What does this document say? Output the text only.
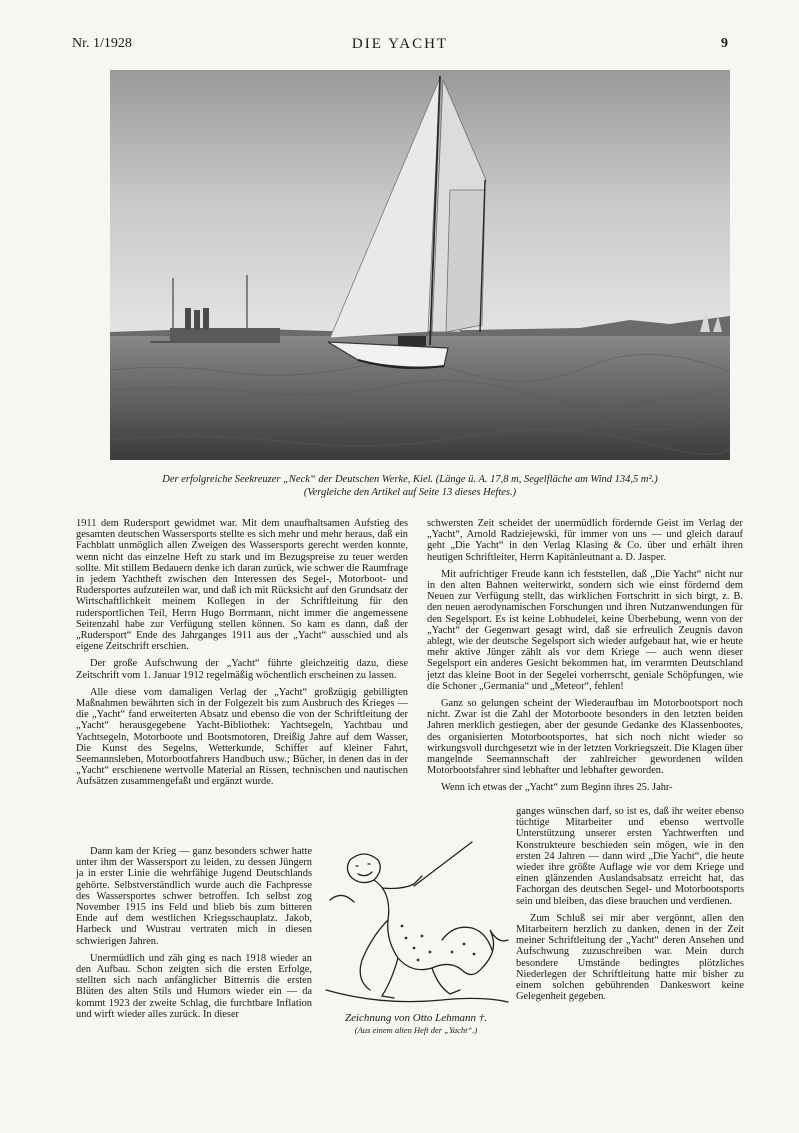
Nr. 1/1928	DIE YACHT	9
Der erfolgreiche Seekreuzer „Neck“ der Deutschen Werke, Kiel. (Länge ü. A. 17,8 m, Segelfläche am Wind 134,5 m².)
(Vergleiche den Artikel auf Seite 13 dieses Heftes.)

1911 dem Rudersport gewidmet war. Mit dem unaufhaltsamen Aufstieg des gesamten deutschen Wassersports stellte es sich mehr und mehr heraus, daß ein Fachblatt unmöglich allen Zweigen des Wassersports gerecht werden konnte, wenn nicht das einzelne Heft zu stark und im Bezugspreise zu teuer werden sollte. Mit stillem Bedauern denke ich daran zurück, wie schwer die Raumfrage in jedem Yachtheft zwischen den Interessen des Segel-, Motorboot- und Rudersportes aufzuteilen war, und daß ich mit Rücksicht auf den Grundsatz der Wirtschaftlichkeit meinem Kollegen in der Schriftleitung für den rudersportlichen Teil, Herrn Hugo Borrmann, nicht immer die angemessene Seitenzahl habe zur Verfügung stellen können. So kam es dann, daß der „Rudersport“ Ende des Jahrganges 1911 aus der „Yacht“ ausschied und als eigene Zeitschrift erschien.

Der große Aufschwung der „Yacht“ führte gleichzeitig dazu, diese Zeitschrift vom 1. Januar 1912 regelmäßig wöchentlich erscheinen zu lassen.

Alle diese vom damaligen Verlag der „Yacht“ großzügig gebilligten Maßnahmen bewährten sich in der Folgezeit bis zum Ausbruch des Krieges — die „Yacht“ fand erweiterten Absatz und ebenso die von der Schriftleitung der „Yacht“ herausgegebene Yacht-Bibliothek: Yachtsegeln, Yachtbau und Yachtsegeln, Motorboote und Bootsmotoren, Dreißig Jahre auf dem Wasser, Die Kunst des Segelns, Wetterkunde, Schiffer auf kleiner Fahrt, Seemannsleben, Motorbootfahrers Handbuch usw.; Bücher, in denen das in der „Yacht“ erschienene wertvolle Material an Rissen, technischen und nautischen Aufsätzen zusammengefaßt und ergänzt wurde.

Dann kam der Krieg — ganz besonders schwer hatte unter ihm der Wassersport zu leiden, zu dessen Jüngern ja in erster Linie die wehrfähige Jugend Deutschlands gehörte. Selbstverständlich wurde auch die Fachpresse des Wassersportes schwer betroffen. Ich selbst zog November 1915 ins Feld und blieb bis zum bitteren Ende auf dem westlichen Kriegsschauplatz. Jakob, Harbeck und Wustrau vertraten mich in diesen schwierigen Jahren.

Unermüdlich und zäh ging es nach 1918 wieder an den Aufbau. Schon zeigten sich die ersten Erfolge, stellten sich nach anfänglicher Bitternis die ersten Blüten des alten Stils und Humors wieder ein — da kommt 1923 der zweite Schlag, die furchtbare Inflation und wirft wieder alles zurück. In dieser

schwersten Zeit scheidet der unermüdlich fördernde Geist im Verlag der „Yacht“, Arnold Radziejewski, für immer von uns — und gleich darauf geht „Die Yacht“ in den Verlag Klasing & Co. über und erhält ihren heutigen Schriftleiter, Herrn Kapitänleutnant a. D. Jasper.

Mit aufrichtiger Freude kann ich feststellen, daß „Die Yacht“ nicht nur in den alten Bahnen weiterwirkt, sondern sich wie einst fördernd dem Neuen zur Verfügung stellt, das wirklichen Fortschritt in sich birgt, z. B. den neuen aerodynamischen Forschungen und ihren Nutzanwendungen für den Segelsport. Es ist keine Lobhudelei, keine Überhebung, wenn von der „Yacht“ der Gegenwart gesagt wird, daß sie erfreulich Zeugnis davon ablegt, wie der deutsche Segelsport sich wieder aufgebaut hat, wie er heute mehr aktive Jünger zählt als vor dem Kriege — auch wenn dieser Segelsport ein anderes Gesicht bekommen hat, im verarmten Deutschland jetzt das kleine Boot in der Segelei vorherrscht, geniale Schöpfungen, wie die Schoner „Germania“ und „Meteor“, fehlen!

Ganz so gelungen scheint der Wiederaufbau im Motorbootsport noch nicht. Zwar ist die Zahl der Motorboote besonders in den letzten beiden Jahren merklich gestiegen, aber der gesunde Gedanke des Klassenbootes, des organisierten Motorbootsportes, hat sich noch nicht wieder so wirkungsvoll durchgesetzt wie in der letzten Vorkriegszeit. Die Klagen über mangelnde Seemannschaft der zahlreicher gewordenen wilden Motorbootsfahrer sind lebhafter und lebhafter geworden.

Wenn ich etwas der „Yacht“ zum Beginn ihres 25. Jahr-

ganges wünschen darf, so ist es, daß ihr weiter ebenso tüchtige Mitarbeiter und ebenso wertvolle Unterstützung unserer ersten Yachtwerften und Konstrukteure beschieden sein mögen, wie in den ersten 24 Jahren — dann wird „Die Yacht“, die heute wieder ihre größte Auflage wie vor dem Kriege und einen glänzenden Auslandsabsatz erreicht hat, das Fachorgan des deutschen Segel- und Motorbootsports sein und bleiben, das diese brauchen und verdienen.

Zum Schluß sei mir aber vergönnt, allen den Mitarbeitern herzlich zu danken, denen in der Zeit meiner Schriftleitung der „Yacht“ deren Ansehen und Aufschwung zuzuschreiben war. Mein durch besondere Umstände bedingtes plötzliches Niederlegen der Schriftleitung hatte mir bisher zu einem solchen gebührenden Dankeswort keine Gelegenheit gegeben.

Zeichnung von Otto Lehmann †.
(Aus einem alten Heft der „Yacht“.)
